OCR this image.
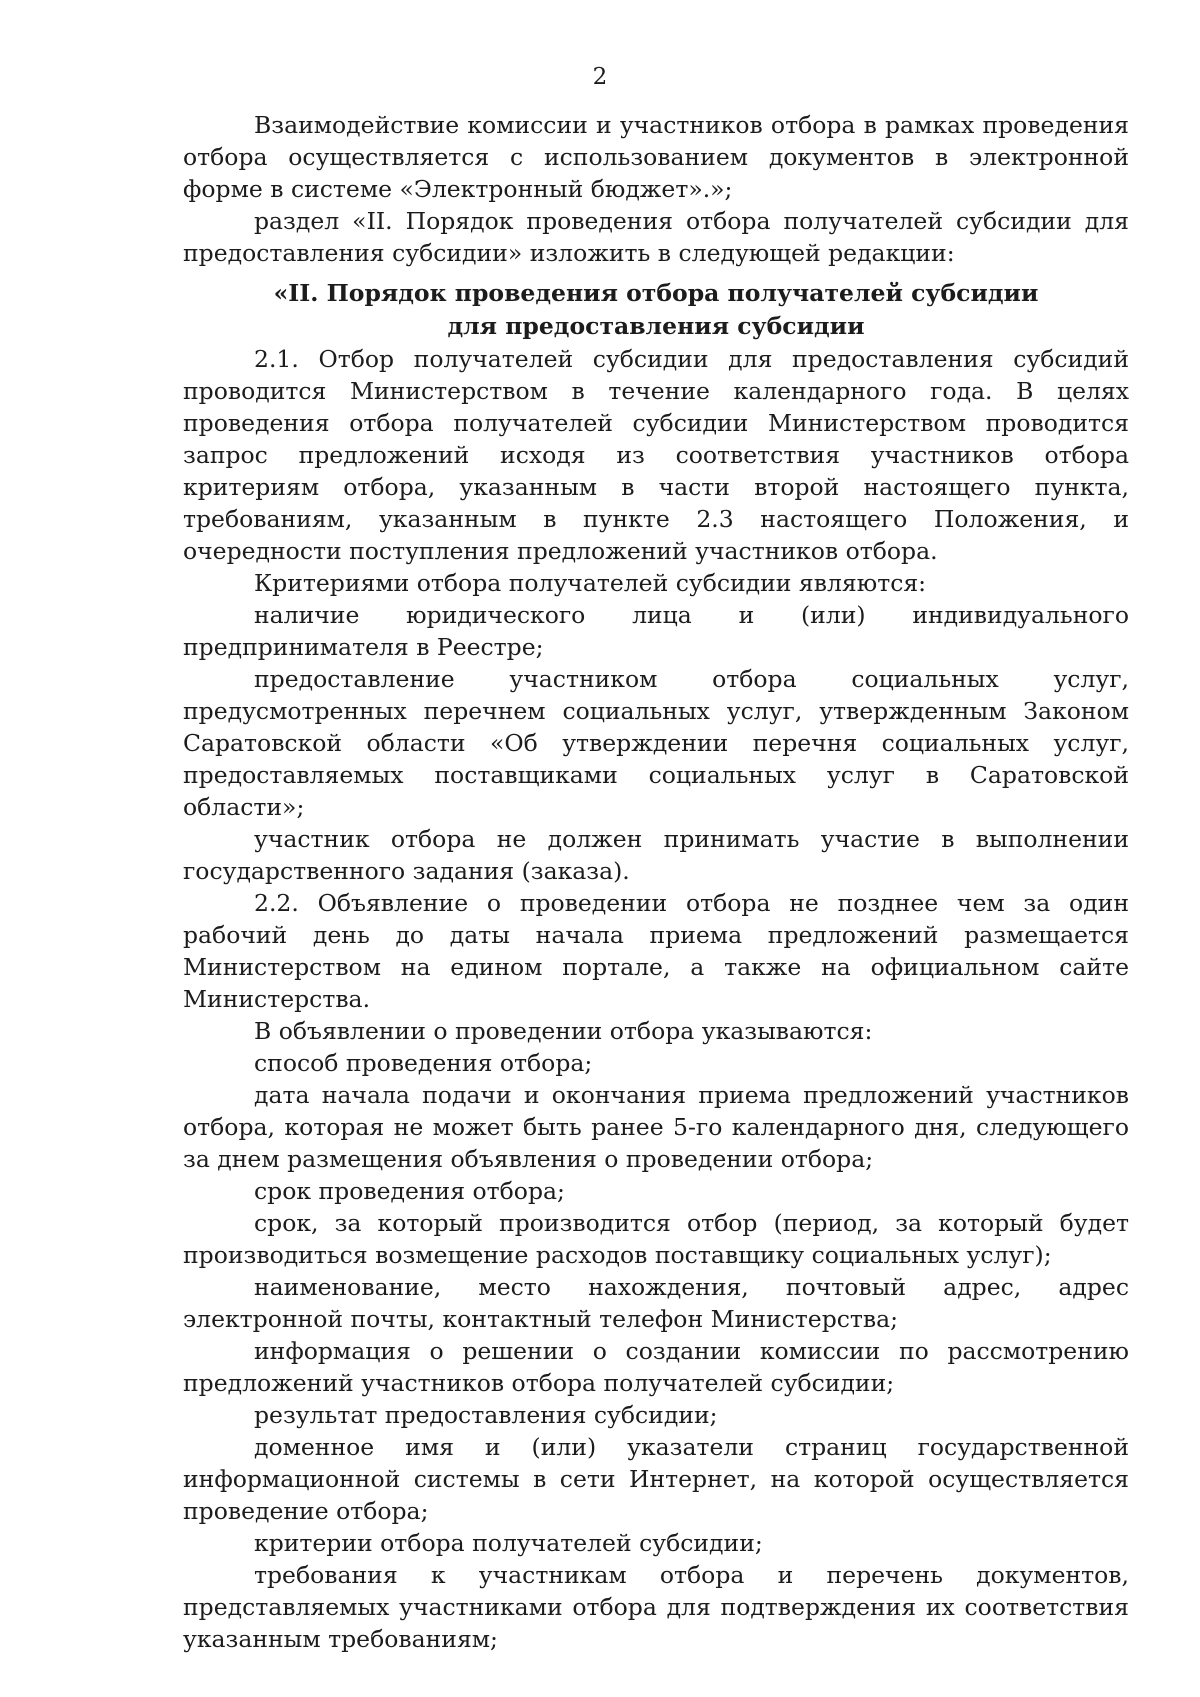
2

Взаимодействие комиссии и участников отбора в рамках проведения отбора осуществляется с использованием документов в электронной форме в системе «Электронный бюджет».»;

раздел «II. Порядок проведения отбора получателей субсидии для предоставления субсидии» изложить в следующей редакции:

«II. Порядок проведения отбора получателей субсидии
для предоставления субсидии

2.1. Отбор получателей субсидии для предоставления субсидий проводится Министерством в течение календарного года. В целях проведения отбора получателей субсидии Министерством проводится запрос предложений исходя из соответствия участников отбора критериям отбора, указанным в части второй настоящего пункта, требованиям, указанным в пункте 2.3 настоящего Положения, и очередности поступления предложений участников отбора.

Критериями отбора получателей субсидии являются:

наличие юридического лица и (или) индивидуального предпринимателя в Реестре;

предоставление участником отбора социальных услуг, предусмотренных перечнем социальных услуг, утвержденным Законом Саратовской области «Об утверждении перечня социальных услуг, предоставляемых поставщиками социальных услуг в Саратовской области»;

участник отбора не должен принимать участие в выполнении государственного задания (заказа).

2.2. Объявление о проведении отбора не позднее чем за один рабочий день до даты начала приема предложений размещается Министерством на едином портале, а также на официальном сайте Министерства.

В объявлении о проведении отбора указываются:

способ проведения отбора;

дата начала подачи и окончания приема предложений участников отбора, которая не может быть ранее 5-го календарного дня, следующего за днем размещения объявления о проведении отбора;

срок проведения отбора;

срок, за который производится отбор (период, за который будет производиться возмещение расходов поставщику социальных услуг);

наименование, место нахождения, почтовый адрес, адрес электронной почты, контактный телефон Министерства;

информация о решении о создании комиссии по рассмотрению предложений участников отбора получателей субсидии;

результат предоставления субсидии;

доменное имя и (или) указатели страниц государственной информационной системы в сети Интернет, на которой осуществляется проведение отбора;

критерии отбора получателей субсидии;

требования к участникам отбора и перечень документов, представляемых участниками отбора для подтверждения их соответствия указанным требованиям;
